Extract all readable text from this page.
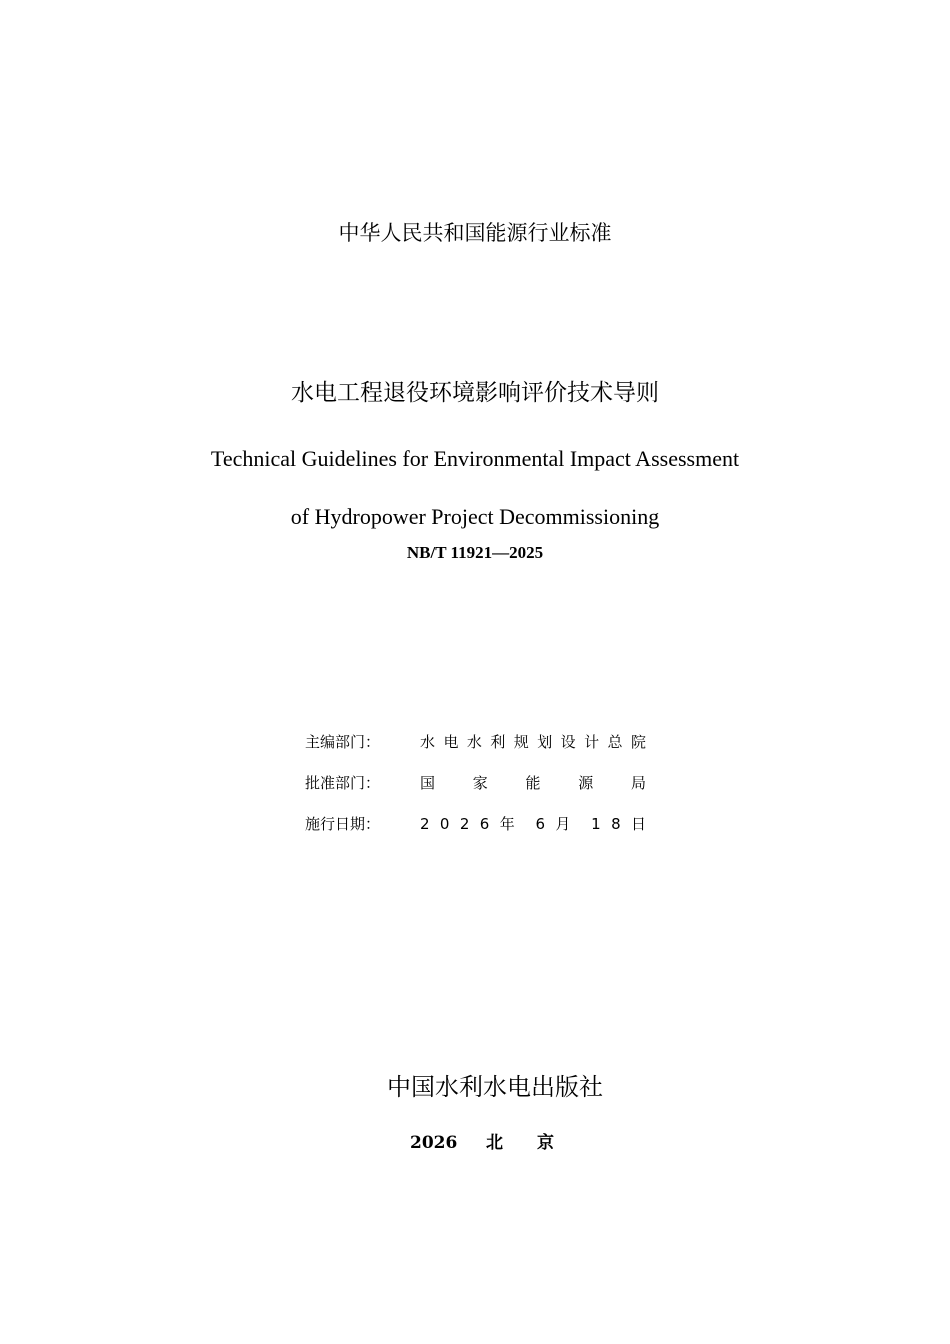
中华人民共和国能源行业标准
水电工程退役环境影响评价技术导则
Technical Guidelines for Environmental Impact Assessment
of Hydropower Project Decommissioning
NB/T 11921—2025
主编部门：	水 电 水 利 规 划 设 计 总 院
批准部门：	国	家	能	源	局
施行日期：	2 0 2 6 年 6 月 1 8 日
中国水利水电出版社
2026 北 京
